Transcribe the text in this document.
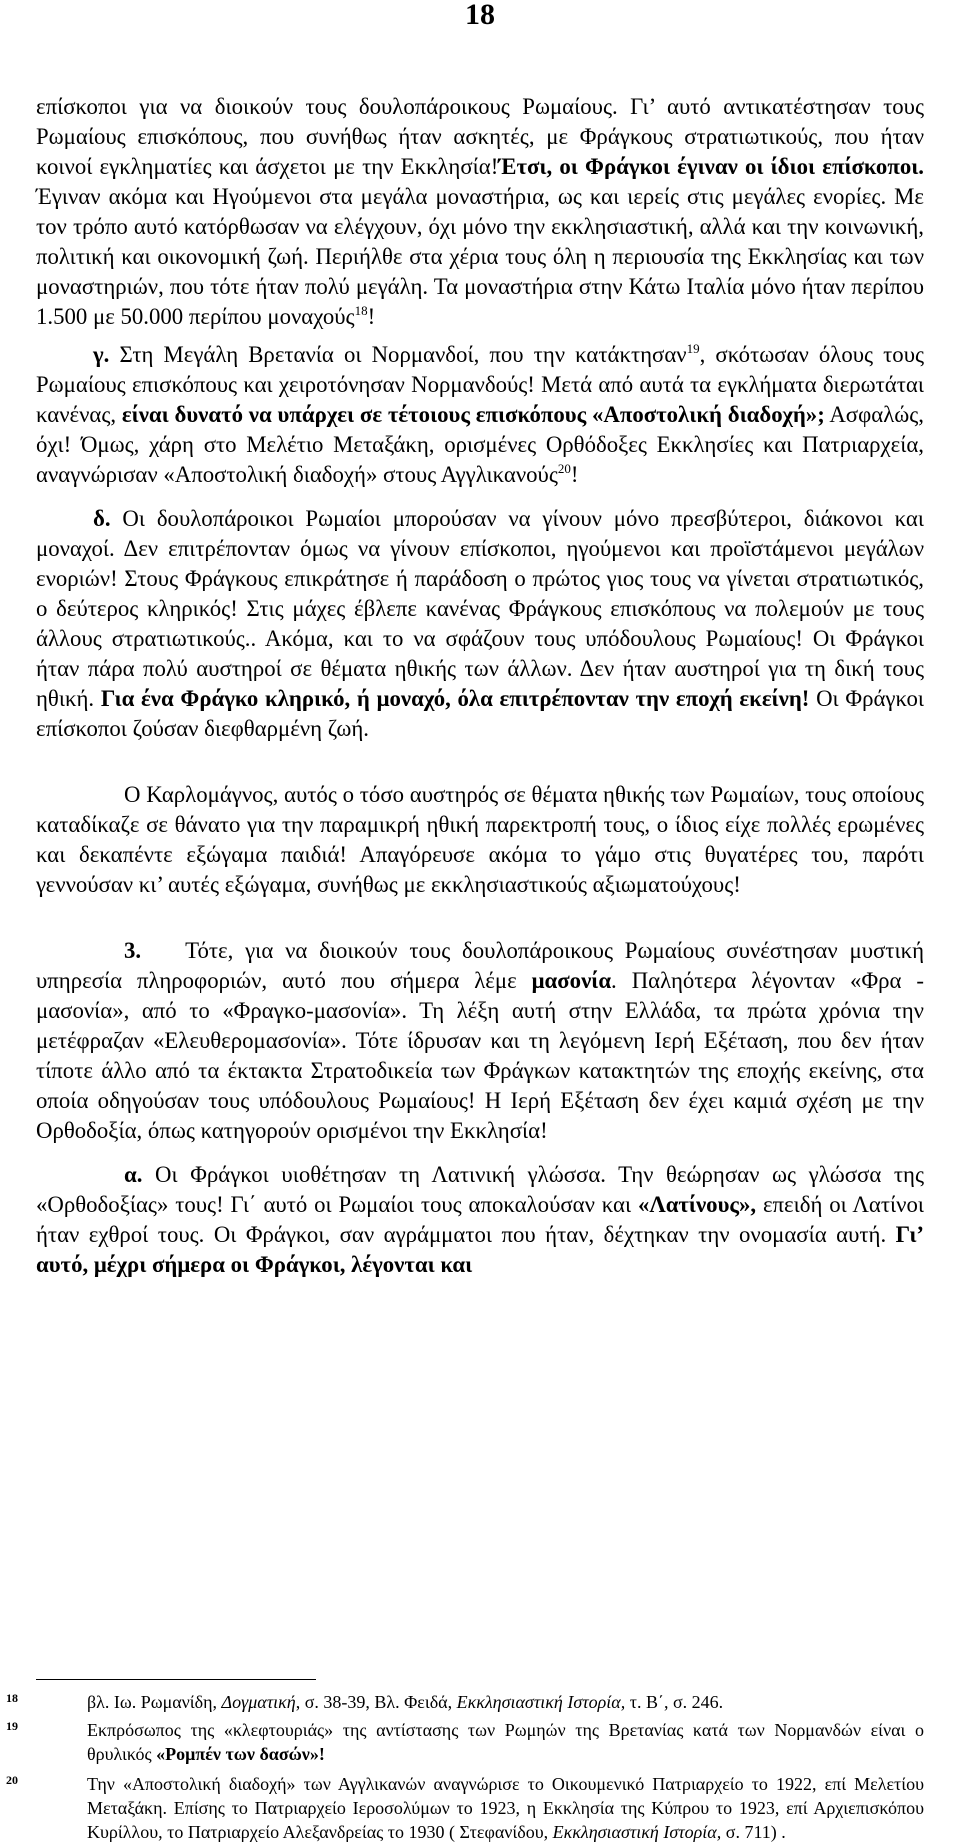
18

επίσκοποι για να διοικούν τους δουλοπάροικους Ρωμαίους. Γι’ αυτό αντικατέστησαν τους Ρωμαίους επισκόπους, που συνήθως ήταν ασκητές, με Φράγκους στρατιωτικούς, που ήταν κοινοί εγκληματίες και άσχετοι με την Εκκλησία!Έτσι, οι Φράγκοι έγιναν οι ίδιοι επίσκοποι. Έγιναν ακόμα και Ηγούμενοι στα μεγάλα μοναστήρια, ως και ιερείς στις μεγάλες ενορίες. Με τον τρόπο αυτό κατόρθωσαν να ελέγχουν, όχι μόνο την εκκλησιαστική, αλλά και την κοινωνική, πολιτική και οικονομική ζωή. Περιήλθε στα χέρια τους όλη η περιουσία της Εκκλησίας και των μοναστηριών, που τότε ήταν πολύ μεγάλη. Τα μοναστήρια στην Κάτω Ιταλία μόνο ήταν περίπου 1.500 με 50.000 περίπου μοναχούς$^{18}$!

γ. Στη Μεγάλη Βρετανία οι Νορμανδοί, που την κατάκτησαν$^{19}$, σκότωσαν όλους τους Ρωμαίους επισκόπους και χειροτόνησαν Νορμανδούς! Μετά από αυτά τα εγκλήματα διερωτάται κανένας, είναι δυνατό να υπάρχει σε τέτοιους επισκόπους «Αποστολική διαδοχή»; Ασφαλώς, όχι! Όμως, χάρη στο Μελέτιο Μεταξάκη, ορισμένες Ορθόδοξες Εκκλησίες και Πατριαρχεία, αναγνώρισαν «Αποστολική διαδοχή» στους Αγγλικανούς$^{20}$!

δ. Οι δουλοπάροικοι Ρωμαίοι μπορούσαν να γίνουν μόνο πρεσβύτεροι, διάκονοι και μοναχοί. Δεν επιτρέπονταν όμως να γίνουν επίσκοποι, ηγούμενοι και προϊστάμενοι μεγάλων ενοριών! Στους Φράγκους επικράτησε ή παράδοση ο πρώτος γιος τους να γίνεται στρατιωτικός, ο δεύτερος κληρικός! Στις μάχες έβλεπε κανένας Φράγκους επισκόπους να πολεμούν με τους άλλους στρατιωτικούς.. Ακόμα, και το να σφάζουν τους υπόδουλους Ρωμαίους! Οι Φράγκοι ήταν πάρα πολύ αυστηροί σε θέματα ηθικής των άλλων. Δεν ήταν αυστηροί για τη δική τους ηθική. Για ένα Φράγκο κληρικό, ή μοναχό, όλα επιτρέπονταν την εποχή εκείνη! Οι Φράγκοι επίσκοποι ζούσαν διεφθαρμένη ζωή.

Ο Καρλομάγνος, αυτός ο τόσο αυστηρός σε θέματα ηθικής των Ρωμαίων, τους οποίους καταδίκαζε σε θάνατο για την παραμικρή ηθική παρεκτροπή τους, ο ίδιος είχε πολλές ερωμένες και δεκαπέντε εξώγαμα παιδιά! Απαγόρευσε ακόμα το γάμο στις θυγατέρες του, παρότι γεννούσαν κι’ αυτές εξώγαμα, συνήθως με εκκλησιαστικούς αξιωματούχους!

3. Τότε, για να διοικούν τους δουλοπάροικους Ρωμαίους συνέστησαν μυστική υπηρεσία πληροφοριών, αυτό που σήμερα λέμε μασονία. Παληότερα λέγονταν «Φρα - μασονία», από το «Φραγκο-μασονία». Τη λέξη αυτή στην Ελλάδα, τα πρώτα χρόνια την μετέφραζαν «Ελευθερομασονία». Τότε ίδρυσαν και τη λεγόμενη Ιερή Εξέταση, που δεν ήταν τίποτε άλλο από τα έκτακτα Στρατοδικεία των Φράγκων κατακτητών της εποχής εκείνης, στα οποία οδηγούσαν τους υπόδουλους Ρωμαίους! Η Ιερή Εξέταση δεν έχει καμιά σχέση με την Ορθοδοξία, όπως κατηγορούν ορισμένοι την Εκκλησία!

α. Οι Φράγκοι υιοθέτησαν τη Λατινική γλώσσα. Την θεώρησαν ως γλώσσα της «Ορθοδοξίας» τους! Γι΄ αυτό οι Ρωμαίοι τους αποκαλούσαν και «Λατίνους», επειδή οι Λατίνοι ήταν εχθροί τους. Οι Φράγκοι, σαν αγράμματοι που ήταν, δέχτηκαν την ονομασία αυτή. Γι’ αυτό, μέχρι σήμερα οι Φράγκοι, λέγονται και

18	βλ. Ιω. Ρωμανίδη, Δογματική, σ. 38-39, Βλ. Φειδά, Εκκλησιαστική Ιστορία, τ. Β΄, σ. 246.
19	Εκπρόσωπος της «κλεφτουριάς» της αντίστασης των Ρωμηών της Βρετανίας κατά των Νορμανδών είναι ο θρυλικός «Ρομπέν των δασών»!
20	Την «Αποστολική διαδοχή» των Αγγλικανών αναγνώρισε το Οικουμενικό Πατριαρχείο το 1922, επί Μελετίου Μεταξάκη. Επίσης το Πατριαρχείο Ιεροσολύμων το 1923, η Εκκλησία της Κύπρου το 1923, επί Αρχιεπισκόπου Κυρίλλου, το Πατριαρχείο Αλεξανδρείας το 1930 ( Στεφανίδου, Εκκλησιαστική Ιστορία, σ. 711) .
